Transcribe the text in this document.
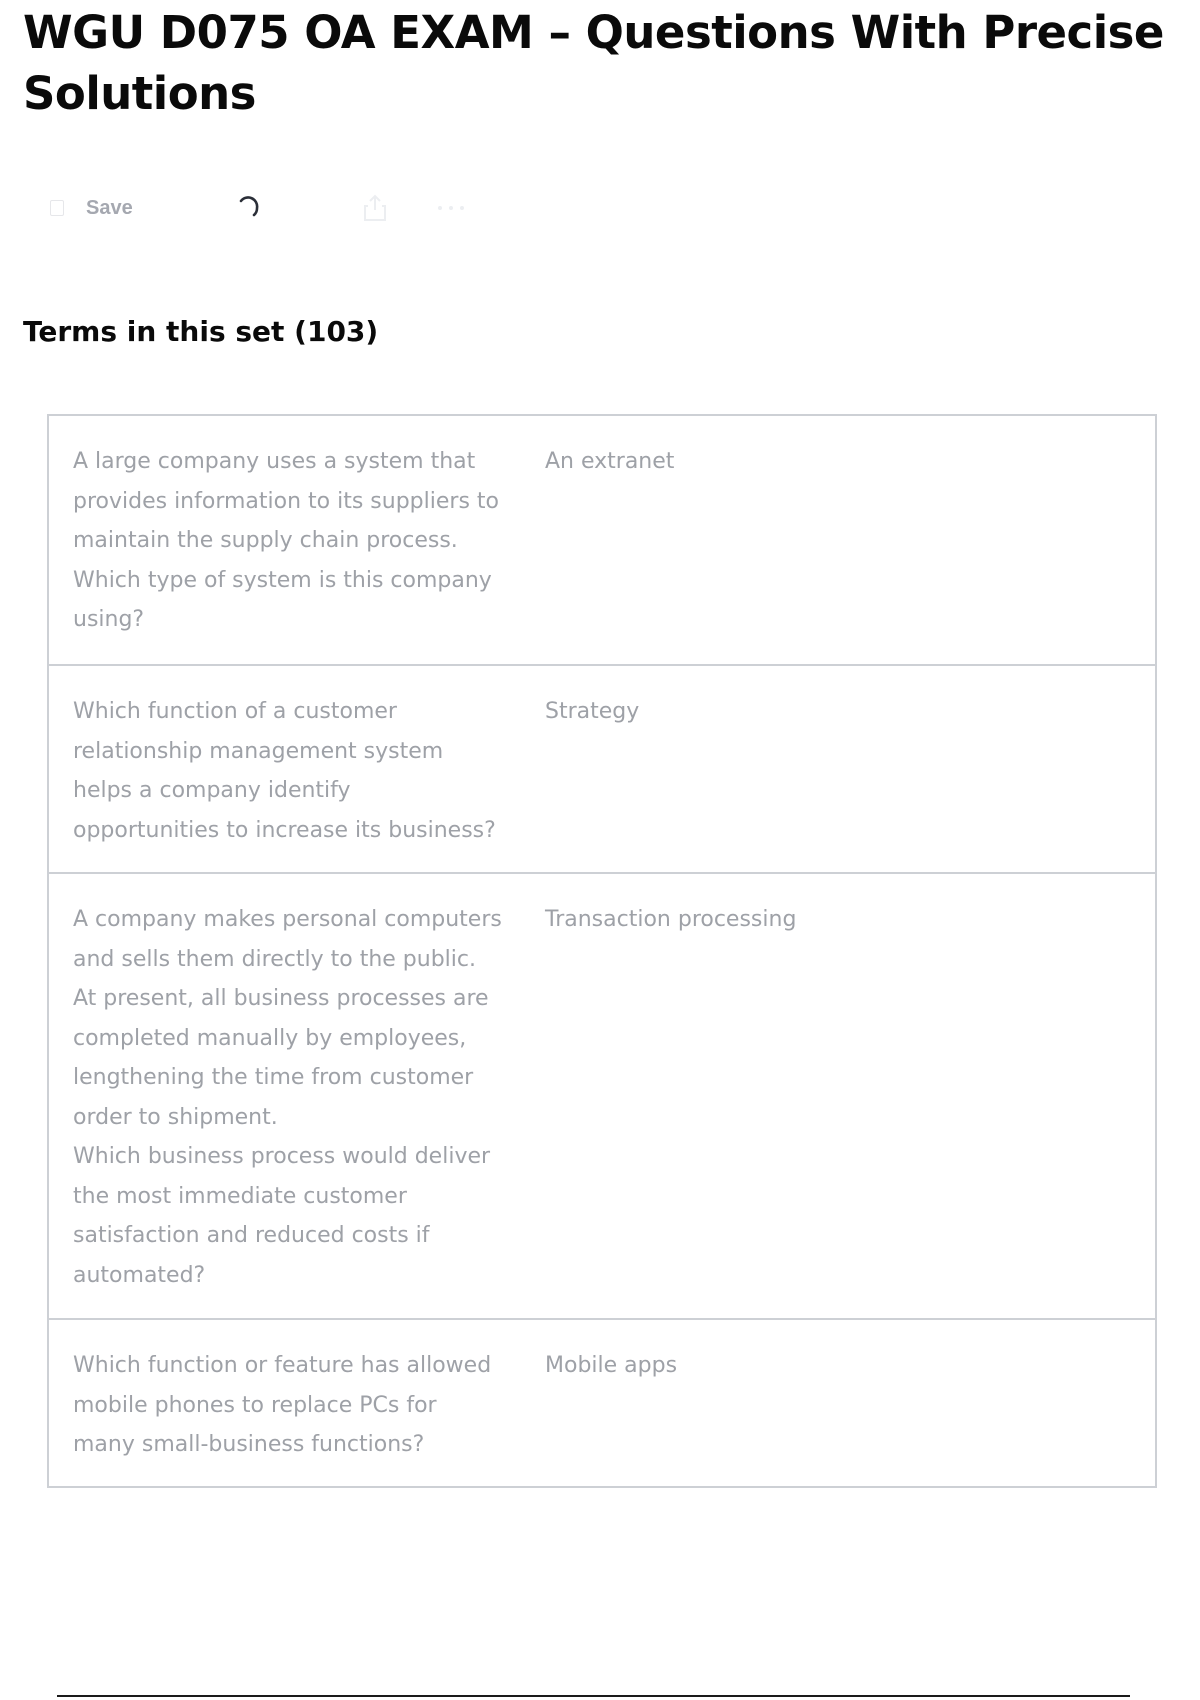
WGU D075 OA EXAM – Questions With Precise Solutions
Save
Terms in this set (103)
A large company uses a system that provides information to its suppliers to maintain the supply chain process. Which type of system is this company using?
An extranet
Which function of a customer relationship management system helps a company identify opportunities to increase its business?
Strategy
A company makes personal computers and sells them directly to the public. At present, all business processes are completed manually by employees, lengthening the time from customer order to shipment.
Which business process would deliver the most immediate customer satisfaction and reduced costs if automated?
Transaction processing
Which function or feature has allowed mobile phones to replace PCs for many small-business functions?
Mobile apps
